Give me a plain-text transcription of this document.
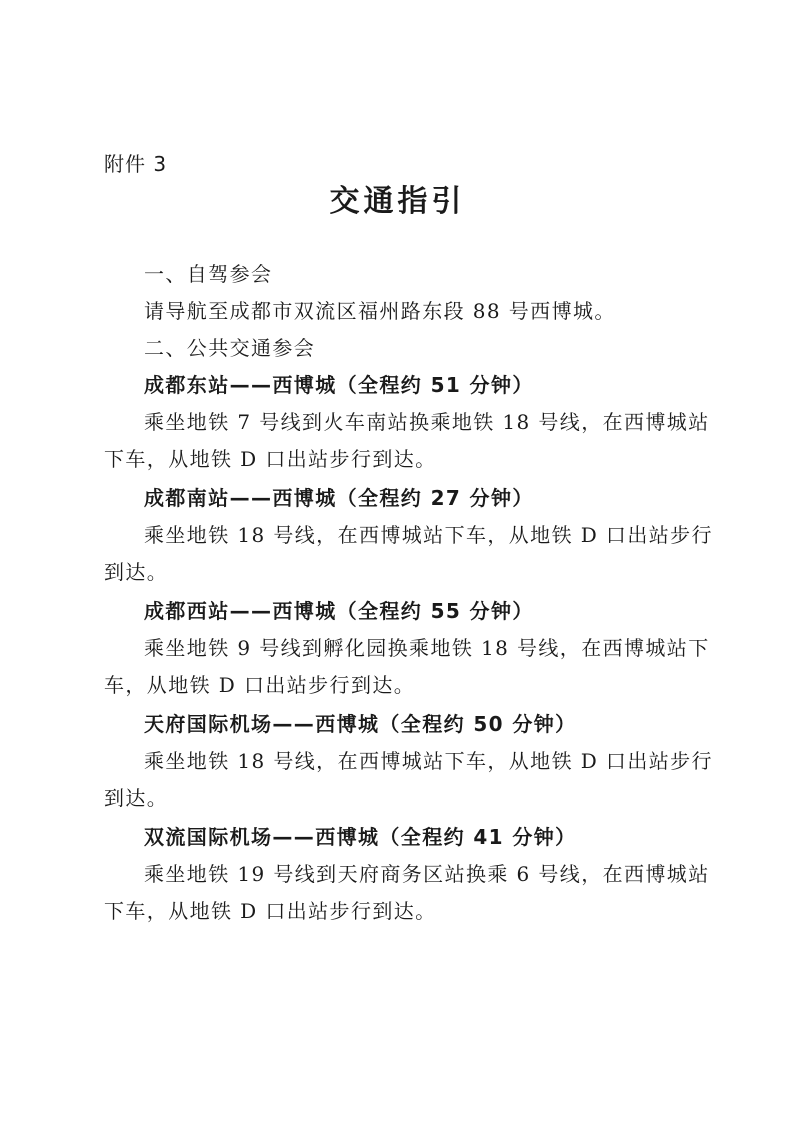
附件 3
交通指引
一、自驾参会
请导航至成都市双流区福州路东段 88 号西博城。
二、公共交通参会
成都东站——西博城（全程约 51 分钟）
乘坐地铁 7 号线到火车南站换乘地铁 18 号线，在西博城站
下车，从地铁 D 口出站步行到达。
成都南站——西博城（全程约 27 分钟）
乘坐地铁 18 号线，在西博城站下车，从地铁 D 口出站步行
到达。
成都西站——西博城（全程约 55 分钟）
乘坐地铁 9 号线到孵化园换乘地铁 18 号线，在西博城站下
车，从地铁 D 口出站步行到达。
天府国际机场——西博城（全程约 50 分钟）
乘坐地铁 18 号线，在西博城站下车，从地铁 D 口出站步行
到达。
双流国际机场——西博城（全程约 41 分钟）
乘坐地铁 19 号线到天府商务区站换乘 6 号线，在西博城站
下车，从地铁 D 口出站步行到达。
